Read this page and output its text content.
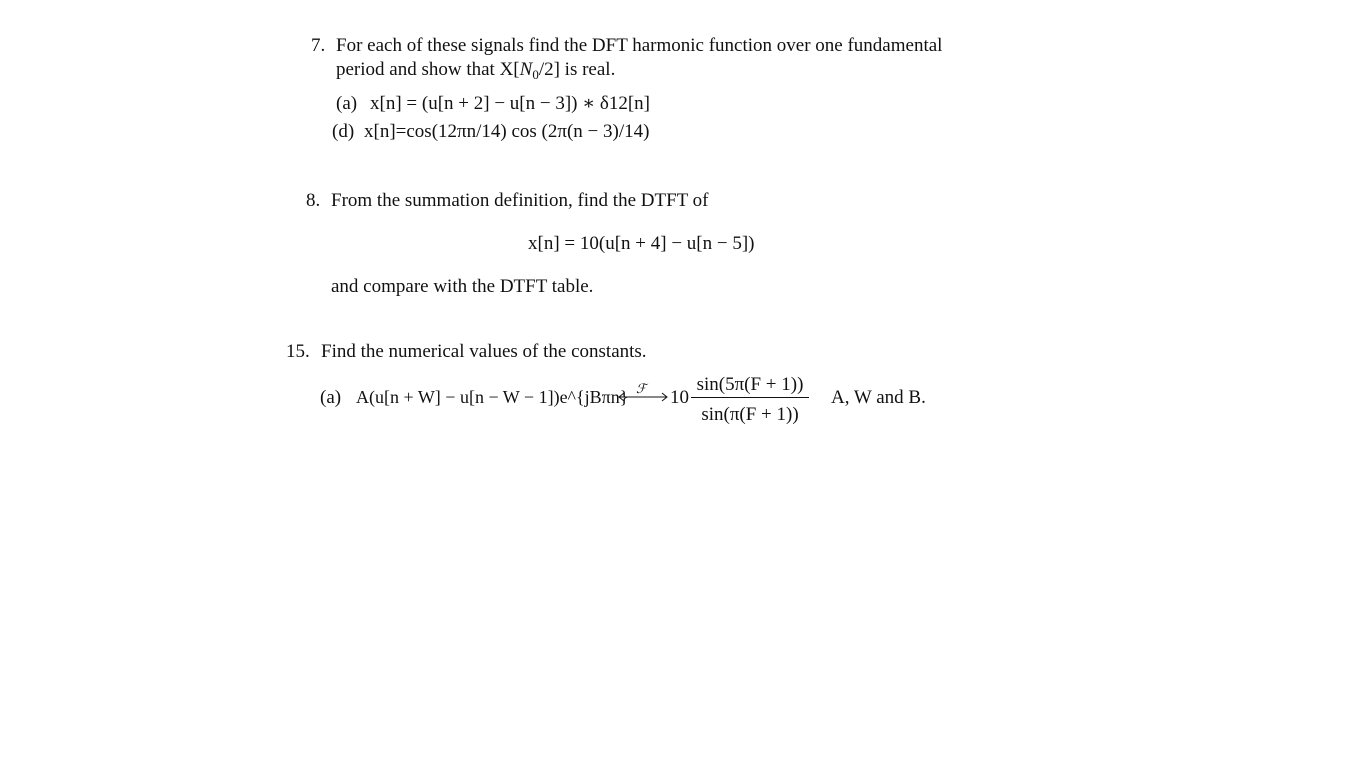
7. For each of these signals find the DFT harmonic function over one fundamental
period and show that $X[N_0/2]$ is real.
(a) x[n] = (u[n + 2] − u[n − 3]) ∗ δ12[n]
(d) x[n]=cos(12πn/14) cos (2π(n − 3)/14)
8. From the summation definition, find the DTFT of
x[n] = 10(u[n + 4] − u[n − 5])
and compare with the DTFT table.
15. Find the numerical values of the constants.
(a) A(u[n + W] − u[n − W − 1])e^{jBπn} ℱ 10
sin(5π(F + 1))
sin(π(F + 1))
A, W and B.
